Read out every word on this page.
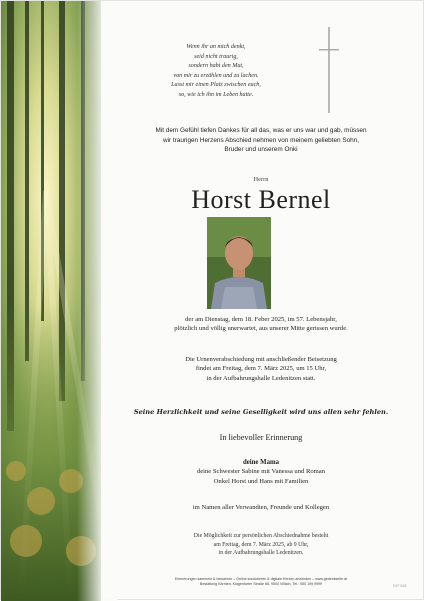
Wenn ihr an mich denkt,
seid nicht traurig,
sondern habt den Mut,
von mir zu erzählen und zu lachen.
Lasst mir einen Platz zwischen euch,
so, wie ich ihn im Leben hatte.
Mit dem Gefühl tiefen Dankes für all das, was er uns war und gab, müssen
wir traurigen Herzens Abschied nehmen von meinem geliebten Sohn,
Bruder und unserem Onki
Herrn
Horst Bernel
der am Dienstag, dem 18. Feber 2025, im 57. Lebensjahr,
plötzlich und völlig unerwartet, aus unserer Mitte gerissen wurde.
Die Urnenverabschiedung mit anschließender Beisetzung
findet am Freitag, dem 7. März 2025, um 15 Uhr,
in der Aufbahrungshalle Ledenitzen statt.
Seine Herzlichkeit und seine Geselligkeit wird uns allen sehr fehlen.
In liebevoller Erinnerung
deine Mama
deine Schwester Sabine mit Vanessa und Roman
Onkel Horst und Hans mit Familien
im Namen aller Verwandten, Freunde und Kollegen
Die Möglichkeit zur persönlichen Abschiednahme besteht
am Freitag, dem 7. März 2025, ab 9 Uhr,
in der Aufbahrungshalle Ledenitzen.
Erinnerungen sammeln & bewahren – Online kondolieren & digitale Kerzen anzünden – www.gedenkseite.at
Bestattung Kärnten, Klagenfurter Straße 68, 9500 Villach, Tel.: 050 199 9999	EXP 5/25
